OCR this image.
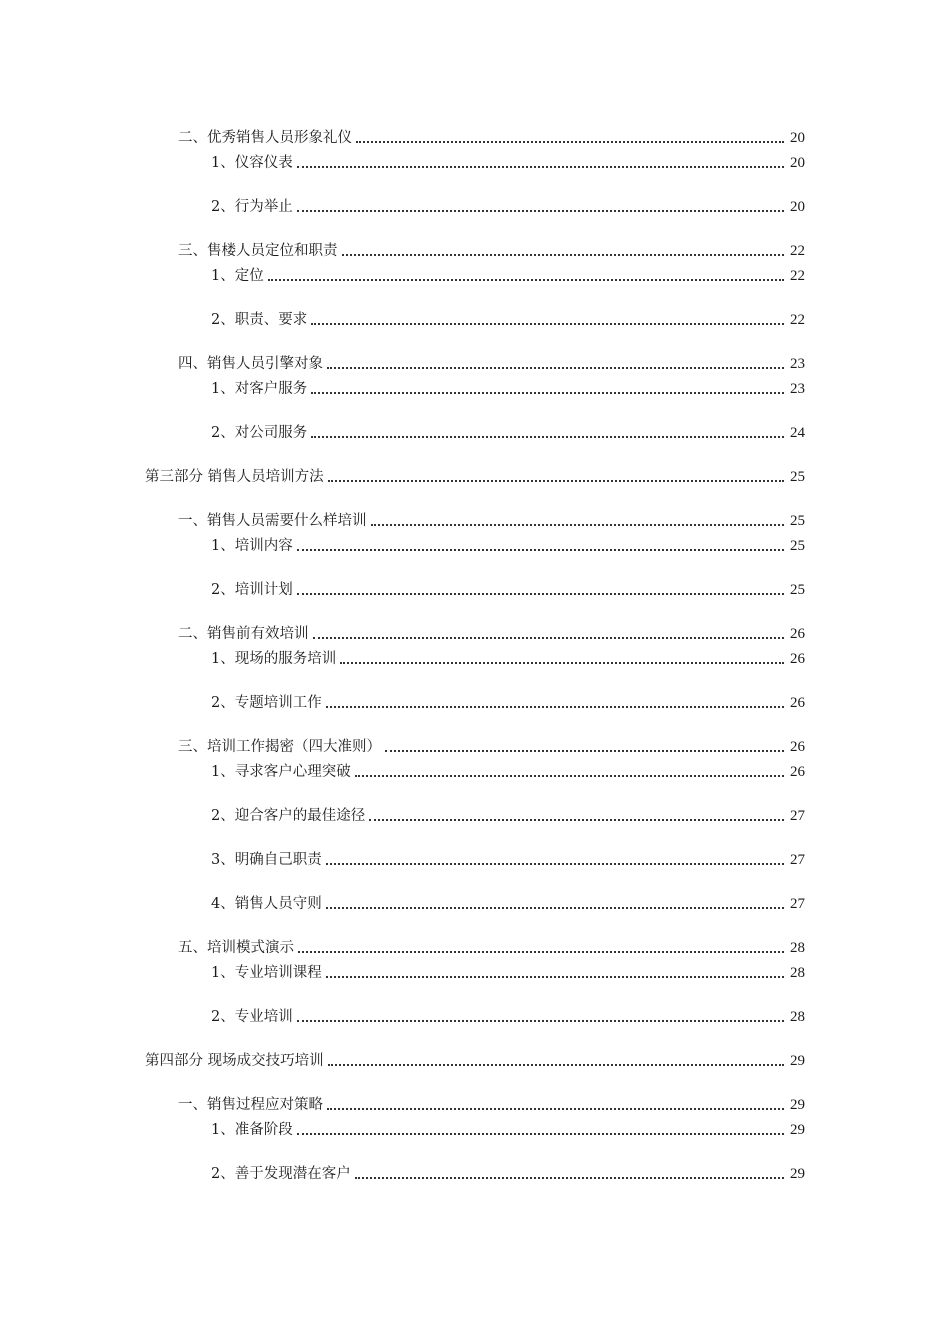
二、优秀销售人员形象礼仪	20
1、仪容仪表	20
2、行为举止	20
三、售楼人员定位和职责	22
1、定位	22
2、职责、要求	22
四、销售人员引擎对象	23
1、对客户服务	23
2、对公司服务	24
第三部分 销售人员培训方法	25
一、销售人员需要什么样培训	25
1、培训内容	25
2、培训计划	25
二、销售前有效培训	26
1、现场的服务培训	26
2、专题培训工作	26
三、培训工作揭密（四大准则）	26
1、寻求客户心理突破	26
2、迎合客户的最佳途径	27
3、明确自己职责	27
4、销售人员守则	27
五、培训模式演示	28
1、专业培训课程	28
2、专业培训	28
第四部分 现场成交技巧培训	29
一、销售过程应对策略	29
1、准备阶段	29
2、善于发现潜在客户	29
